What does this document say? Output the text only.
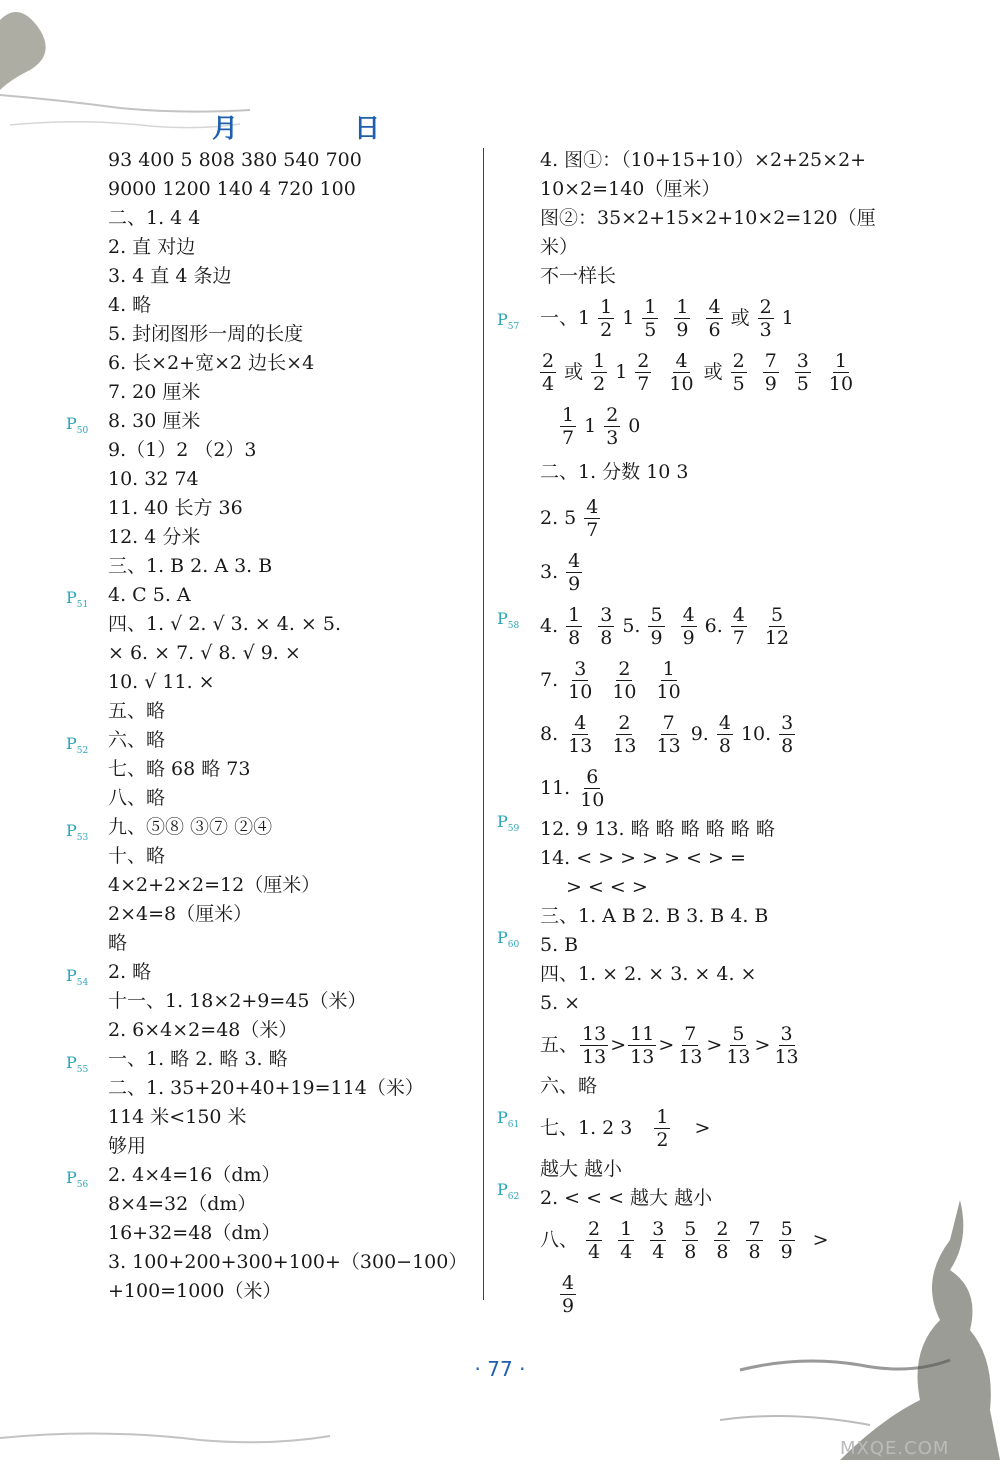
月	日
93 400 5 808 380 540 700
9000 1200 140 4 720 100
二、1. 4 4
2. 直 对边
3. 4 直 4 条边
4. 略
5. 封闭图形一周的长度
6. 长×2+宽×2 边长×4
7. 20 厘米
8. 30 厘米
9.（1）2 （2）3
10. 32 74
11. 40 长方 36
12. 4 分米
三、1. B 2. A 3. B
4. C 5. A
四、1. √ 2. √ 3. × 4. × 5.
× 6. × 7. √ 8. √ 9. ×
10. √ 11. ×
五、略
六、略
七、略 68 略 73
八、略
九、⑤⑧ ③⑦ ②④
十、略
4×2+2×2=12（厘米）
2×4=8（厘米）
略
2. 略
十一、1. 18×2+9=45（米）
2. 6×4×2=48（米）
一、1. 略 2. 略 3. 略
二、1. 35+20+40+19=114（米）
114 米<150 米
够用
2. 4×4=16（dm）
8×4=32（dm）
16+32=48（dm）
3. 100+200+300+100+（300−100）
+100=1000（米）
$P_{50}$
$P_{51}$
$P_{52}$
$P_{53}$
$P_{54}$
$P_{55}$
$P_{56}$
4. 图①：（10+15+10）×2+25×2+
10×2=140（厘米）
图②：35×2+15×2+10×2=120（厘
米）
不一样长
一、$1 \frac{1}{2} 1 \frac{1}{5} \frac{1}{9} \frac{4}{6}$ 或 $\frac{2}{3} 1$
$\frac{2}{4}$ 或 $\frac{1}{2} 1 \frac{2}{7} \frac{4}{10}$ 或 $\frac{2}{5} \frac{7}{9} \frac{3}{5} \frac{1}{10}$
$\frac{1}{7} 1 \frac{2}{3} 0$
二、1. 分数 10 3
2. $5 \frac{4}{7}$
3. $\frac{4}{9}$
4. $\frac{1}{8} \frac{3}{8} 5$. $\frac{5}{9} \frac{4}{9} 6$. $\frac{4}{7} \frac{5}{12}$
7. $\frac{3}{10} \frac{2}{10} \frac{1}{10}$
8. $\frac{4}{13} \frac{2}{13} \frac{7}{13} 9$. $\frac{4}{8} 10$. $\frac{3}{8}$
11. $\frac{6}{10}$
12. 9 13. 略 略 略 略 略 略
14. < > > > > < > =
> < < >
三、1. A B 2. B 3. B 4. B
5. B
四、1. × 2. × 3. × 4. ×
5. ×
五、 $\frac{13}{13} > \frac{11}{13} > \frac{7}{13} > \frac{5}{13} > \frac{3}{13}$
六、略
七、1. 2 $3 \frac{1}{2}$ >
越大 越小
2. < < < 越大 越小
八、 $\frac{2}{4} \frac{1}{4} \frac{3}{4} \frac{5}{8} \frac{2}{8} \frac{7}{8} \frac{5}{9}$ >
$\frac{4}{9}$
$P_{57}$
$P_{58}$
$P_{59}$
$P_{60}$
$P_{61}$
$P_{62}$
· 77 ·
MXQE.COM
